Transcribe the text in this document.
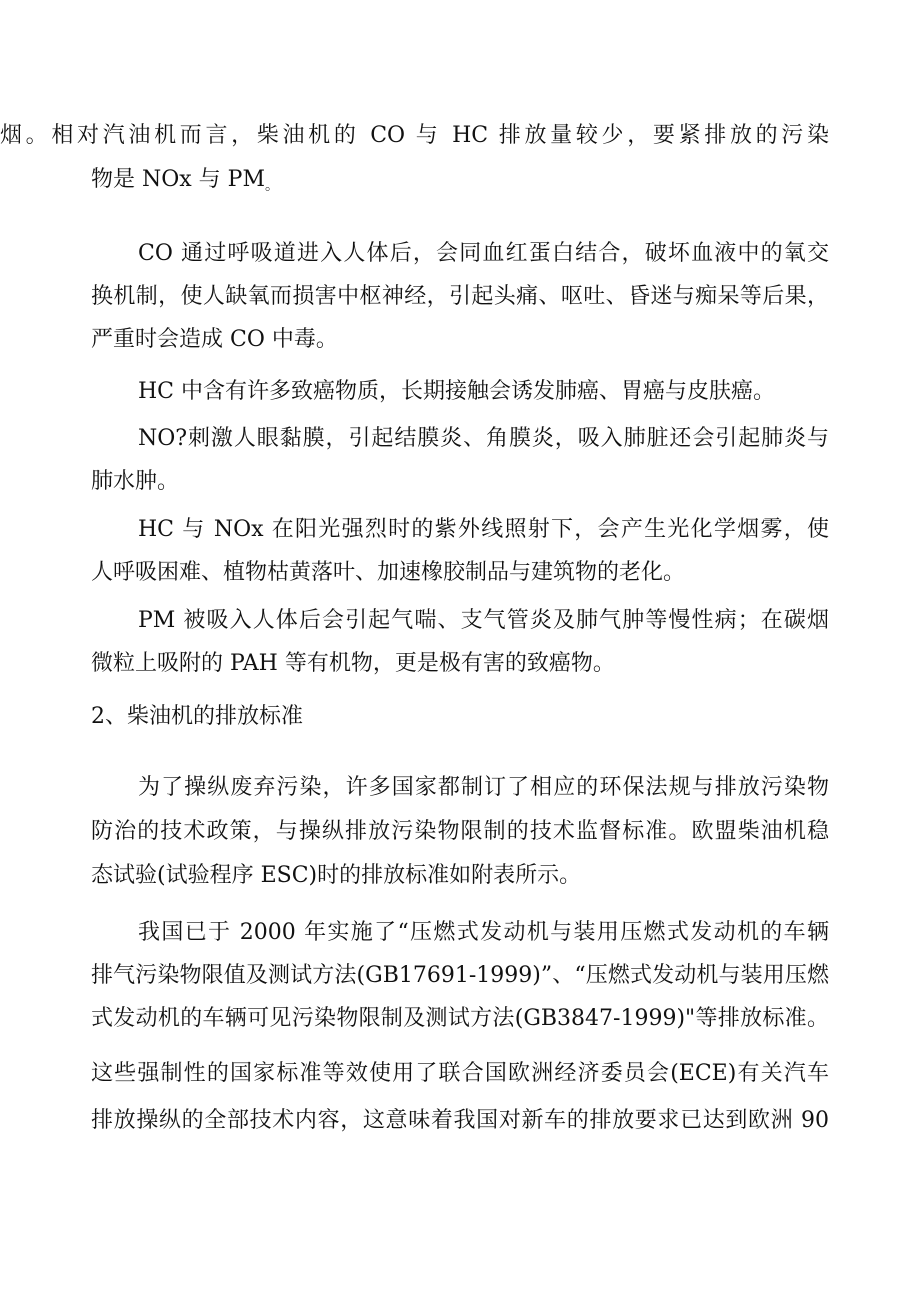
烟。相对汽油机而言，柴油机的 CO 与 HC 排放量较少，要紧排放的污染
物是 NOx 与 $PM_。$
CO 通过呼吸道进入人体后，会同血红蛋白结合，破坏血液中的氧交
换机制，使人缺氧而损害中枢神经，引起头痛、呕吐、昏迷与痴呆等后果，
严重时会造成 CO 中毒。
HC 中含有许多致癌物质，长期接触会诱发肺癌、胃癌与皮肤癌。
NO?刺激人眼黏膜，引起结膜炎、角膜炎，吸入肺脏还会引起肺炎与
肺水肿。
HC 与 NOx 在阳光强烈时的紫外线照射下，会产生光化学烟雾，使
人呼吸困难、植物枯黄落叶、加速橡胶制品与建筑物的老化。
PM 被吸入人体后会引起气喘、支气管炎及肺气肿等慢性病；在碳烟
微粒上吸附的 PAH 等有机物，更是极有害的致癌物。
2、柴油机的排放标准
为了操纵废弃污染，许多国家都制订了相应的环保法规与排放污染物
防治的技术政策，与操纵排放污染物限制的技术监督标准。欧盟柴油机稳
态试验(试验程序 ESC)时的排放标准如附表所示。
我国已于 2000 年实施了“压燃式发动机与装用压燃式发动机的车辆
排气污染物限值及测试方法(GB17691-1999)”、“压燃式发动机与装用压燃
式发动机的车辆可见污染物限制及测试方法(GB3847-1999)"等排放标准。
这些强制性的国家标准等效使用了联合国欧洲经济委员会(ECE)有关汽车
排放操纵的全部技术内容，这意味着我国对新车的排放要求已达到欧洲 90
